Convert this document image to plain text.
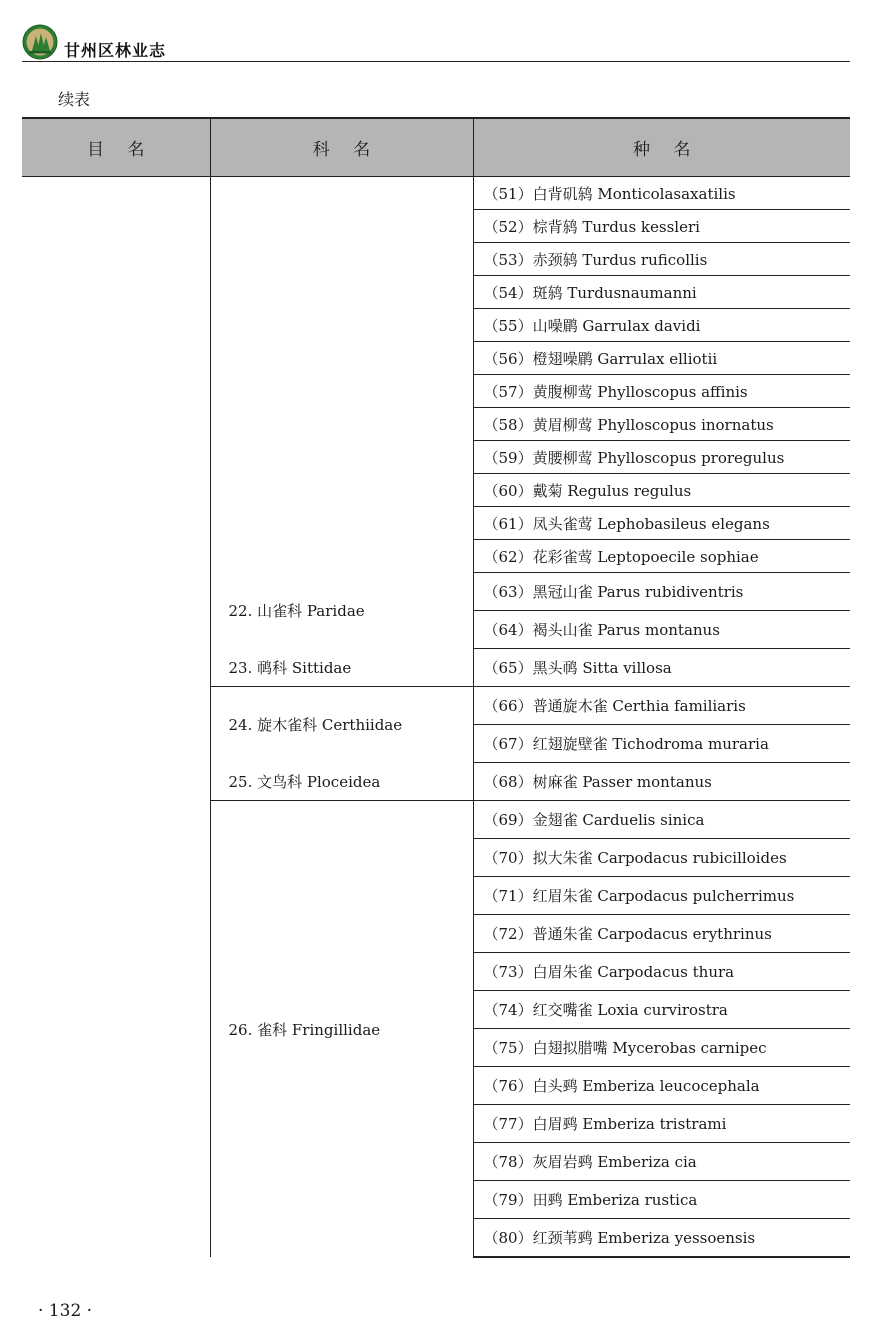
甘州区林业志
续表
目 名	科 名	种 名
		（51）白背矶鸫 Monticolasaxatilis
		（52）棕背鸫 Turdus kessleri
		（53）赤颈鸫 Turdus ruficollis
		（54）斑鸫 Turdusnaumanni
		（55）山噪鹛 Garrulax davidi
		（56）橙翅噪鹛 Garrulax elliotii
		（57）黄腹柳莺 Phylloscopus affinis
		（58）黄眉柳莺 Phylloscopus inornatus
		（59）黄腰柳莺 Phylloscopus proregulus
		（60）戴菊 Regulus regulus
		（61）凤头雀莺 Lephobasileus elegans
		（62）花彩雀莺 Leptopoecile sophiae
	22. 山雀科 Paridae	（63）黑冠山雀 Parus rubidiventris
		（64）褐头山雀 Parus montanus
	23. 䴓科 Sittidae	（65）黑头䴓 Sitta villosa
	24. 旋木雀科 Certhiidae	（66）普通旋木雀 Certhia familiaris
		（67）红翅旋壁雀 Tichodroma muraria
	25. 文鸟科 Ploceidea	（68）树麻雀 Passer montanus
	26. 雀科 Fringillidae	（69）金翅雀 Carduelis sinica
		（70）拟大朱雀 Carpodacus rubicilloides
		（71）红眉朱雀 Carpodacus pulcherrimus
		（72）普通朱雀 Carpodacus erythrinus
		（73）白眉朱雀 Carpodacus thura
		（74）红交嘴雀 Loxia curvirostra
		（75）白翅拟腊嘴 Mycerobas carnipec
		（76）白头鹀 Emberiza leucocephala
		（77）白眉鹀 Emberiza tristrami
		（78）灰眉岩鹀 Emberiza cia
		（79）田鹀 Emberiza rustica
		（80）红颈苇鹀 Emberiza yessoensis
· 132 ·
